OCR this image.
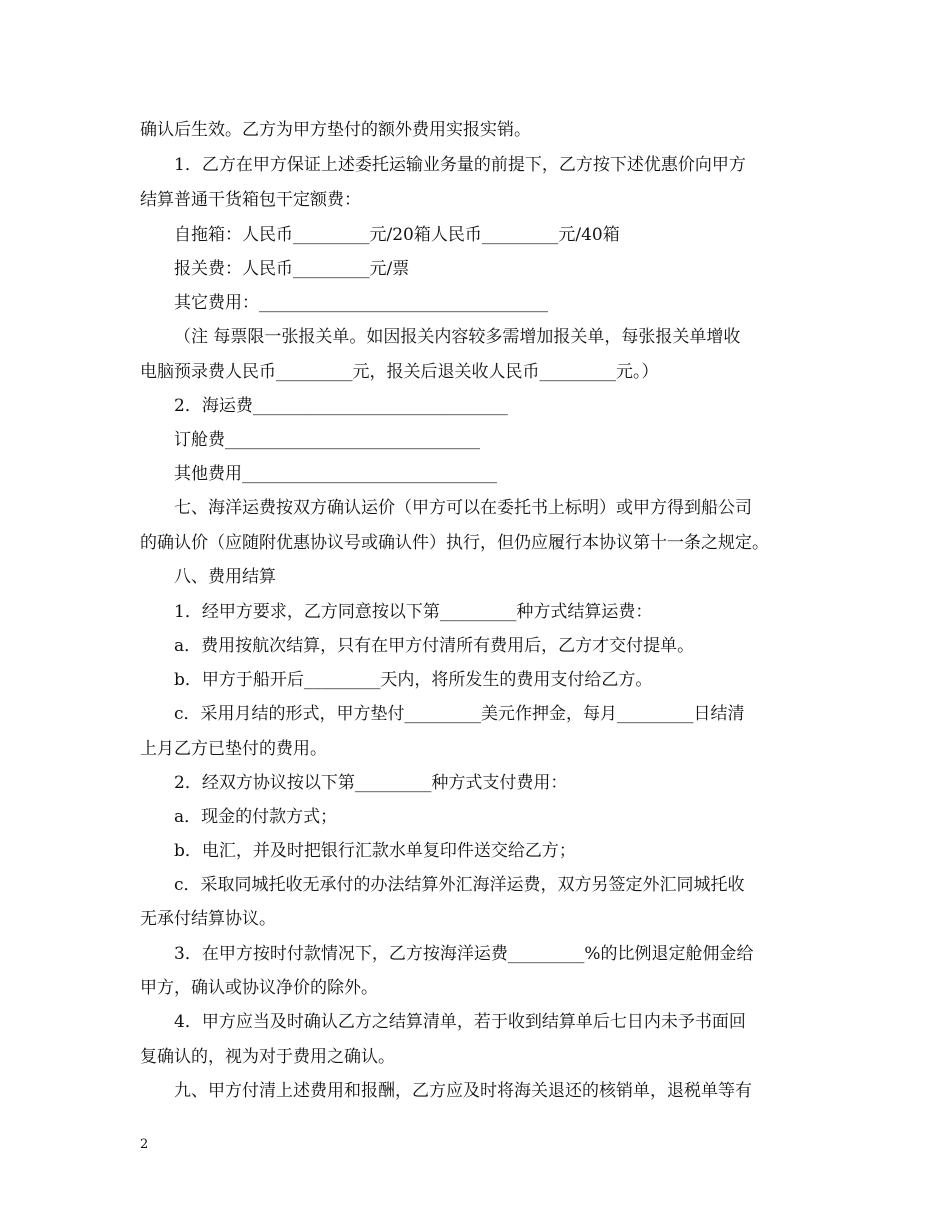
确认后生效。乙方为甲方垫付的额外费用实报实销。
1．乙方在甲方保证上述委托运输业务量的前提下，乙方按下述优惠价向甲方
结算普通干货箱包干定额费：
自拖箱：人民币_________元/20箱人民币_________元/40箱
报关费：人民币_________元/票
其它费用：__________________________________
（注 每票限一张报关单。如因报关内容较多需增加报关单，每张报关单增收
电脑预录费人民币_________元，报关后退关收人民币_________元。）
2．海运费______________________________
订舱费______________________________
其他费用______________________________
七、海洋运费按双方确认运价（甲方可以在委托书上标明）或甲方得到船公司
的确认价（应随附优惠协议号或确认件）执行，但仍应履行本协议第十一条之规定。
八、费用结算
1．经甲方要求，乙方同意按以下第_________种方式结算运费：
a．费用按航次结算，只有在甲方付清所有费用后，乙方才交付提单。
b．甲方于船开后_________天内，将所发生的费用支付给乙方。
c．采用月结的形式，甲方垫付_________美元作押金，每月_________日结清
上月乙方已垫付的费用。
2．经双方协议按以下第_________种方式支付费用：
a．现金的付款方式；
b．电汇，并及时把银行汇款水单复印件送交给乙方；
c．采取同城托收无承付的办法结算外汇海洋运费，双方另签定外汇同城托收
无承付结算协议。
3．在甲方按时付款情况下，乙方按海洋运费_________%的比例退定舱佣金给
甲方，确认或协议净价的除外。
4．甲方应当及时确认乙方之结算清单，若于收到结算单后七日内未予书面回
复确认的，视为对于费用之确认。
九、甲方付清上述费用和报酬，乙方应及时将海关退还的核销单，退税单等有
2
